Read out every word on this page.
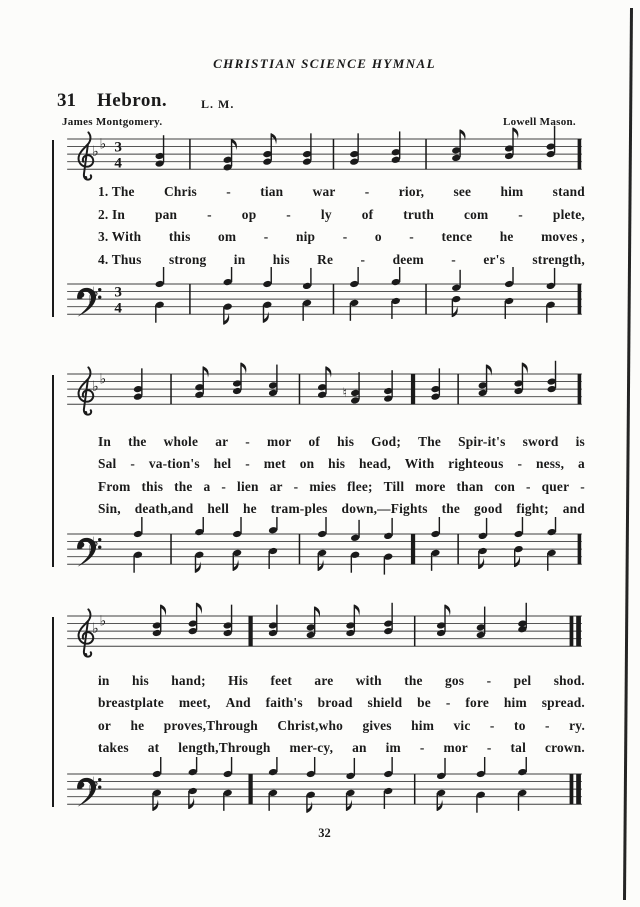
CHRISTIAN SCIENCE HYMNAL
31 Hebron.	L. M.
James Montgomery.	Lowell Mason.
♭ ♭ 3
4
1. The Chris - tian war - rior, see him stand
2. In pan - op - ly of truth com - plete,
3. With this om - nip - o - tence he moves ,
4. Thus strong in his Re - deem - er's strength,
♭
♭
3
4
♭ ♭
♮
In the whole ar - mor of his God; The Spir-it's sword is
Sal - va-tion's hel - met on his head, With righteous - ness, a
From this the a - lien ar - mies flee; Till more than con - quer -
Sin, death,and hell he tram-ples down,—Fights the good fight; and
♭
♭
♭ ♭
in his hand; His feet are with the gos - pel shod.
breastplate meet, And faith's broad shield be - fore him spread.
or he proves,Through Christ,who gives him vic - to - ry.
takes at length,Through mer-cy, an im - mor - tal crown.
♭
♭
32
